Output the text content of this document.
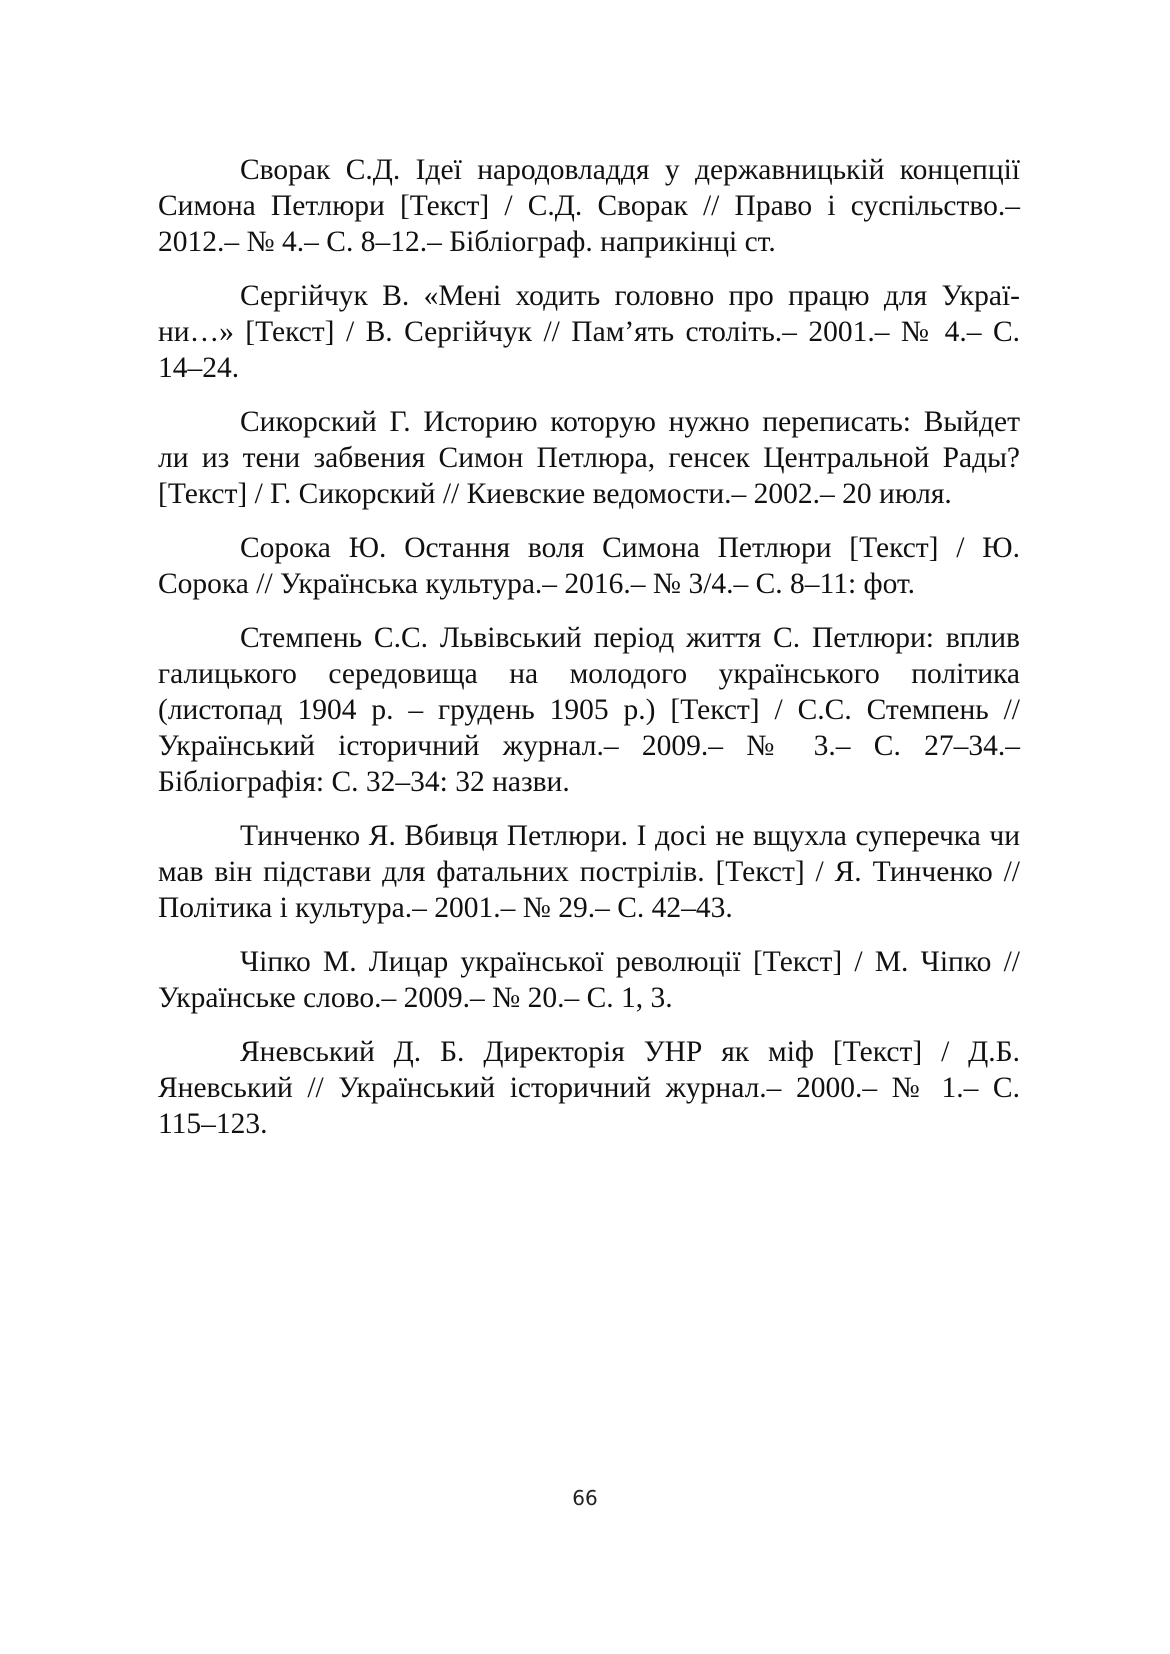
Сворак С.Д. Ідеї народовладдя у державницькій концепції Симона Петлюри [Текст] / С.Д. Сворак // Право і суспільство.– 2012.– № 4.– С. 8–12.– Бібліограф. наприкінці ст.

Сергійчук В. «Мені ходить головно про працю для України…» [Текст] / В. Сергійчук // Пам’ять століть.– 2001.– № 4.– С. 14–24.

Сикорский Г. Историю которую нужно переписать: Выйдет ли из тени забвения Симон Петлюра, генсек Центральной Рады? [Текст] / Г. Сикорский // Киевские ведомости.– 2002.– 20 июля.

Сорока Ю. Остання воля Симона Петлюри [Текст] / Ю. Сорока // Українська культура.– 2016.– № 3/4.– С. 8–11: фот.

Стемпень С.С. Львівський період життя С. Петлюри: вплив галицького середовища на молодого українського політика (листопад 1904 р. – грудень 1905 р.) [Текст] / С.С. Стемпень // Український історичний журнал.– 2009.– № 3.– С. 27–34.– Бібліографія: С. 32–34: 32 назви.

Тинченко Я. Вбивця Петлюри. І досі не вщухла суперечка чи мав він підстави для фатальних пострілів. [Текст] / Я. Тинченко // Політика і культура.– 2001.– № 29.– С. 42–43.

Чіпко М. Лицар української революції [Текст] / М. Чіпко // Українське слово.– 2009.– № 20.– С. 1, 3.

Яневський Д. Б. Директорія УНР як міф [Текст] / Д.Б. Яневський // Український історичний журнал.– 2000.– № 1.– С. 115–123.

66
